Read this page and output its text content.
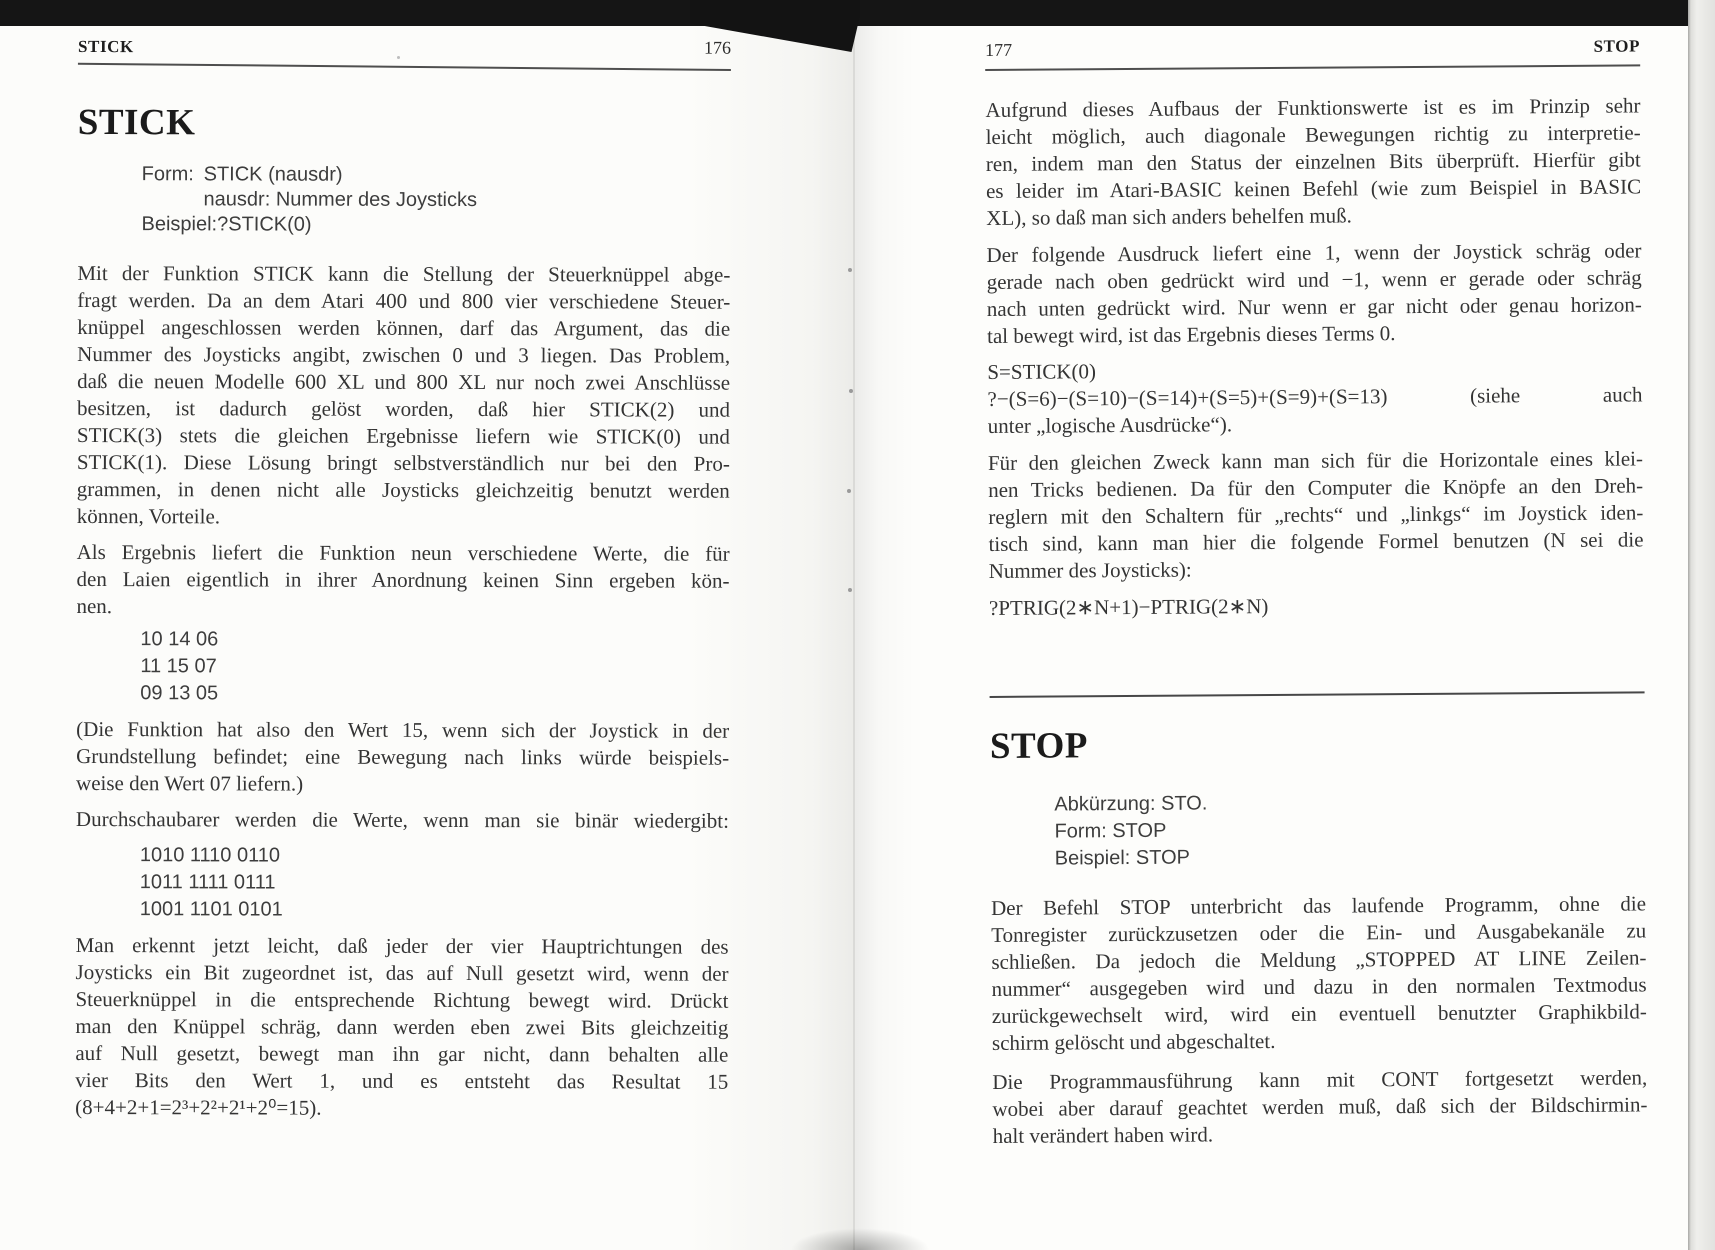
STICK	176
STICK
Form: STICK (nausdr)
nausdr: Nummer des Joysticks
Beispiel: ?STICK(0)
Mit der Funktion STICK kann die Stellung der Steuerknüppel abge-
fragt werden. Da an dem Atari 400 und 800 vier verschiedene Steuer-
knüppel angeschlossen werden können, darf das Argument, das die
Nummer des Joysticks angibt, zwischen 0 und 3 liegen. Das Problem,
daß die neuen Modelle 600 XL und 800 XL nur noch zwei Anschlüsse
besitzen, ist dadurch gelöst worden, daß hier STICK(2) und
STICK(3) stets die gleichen Ergebnisse liefern wie STICK(0) und
STICK(1). Diese Lösung bringt selbstverständlich nur bei den Pro-
grammen, in denen nicht alle Joysticks gleichzeitig benutzt werden
können, Vorteile.
Als Ergebnis liefert die Funktion neun verschiedene Werte, die für
den Laien eigentlich in ihrer Anordnung keinen Sinn ergeben kön-
nen.
10 14 06
11 15 07
09 13 05
(Die Funktion hat also den Wert 15, wenn sich der Joystick in der
Grundstellung befindet; eine Bewegung nach links würde beispiels-
weise den Wert 07 liefern.)
Durchschaubarer werden die Werte, wenn man sie binär wiedergibt:
1010 1110 0110
1011 1111 0111
1001 1101 0101
Man erkennt jetzt leicht, daß jeder der vier Hauptrichtungen des
Joysticks ein Bit zugeordnet ist, das auf Null gesetzt wird, wenn der
Steuerknüppel in die entsprechende Richtung bewegt wird. Drückt
man den Knüppel schräg, dann werden eben zwei Bits gleichzeitig
auf Null gesetzt, bewegt man ihn gar nicht, dann behalten alle
vier Bits den Wert 1, und es entsteht das Resultat 15
(8+4+2+1=2³+2²+2¹+2⁰=15).
177	STOP
Aufgrund dieses Aufbaus der Funktionswerte ist es im Prinzip sehr
leicht möglich, auch diagonale Bewegungen richtig zu interpretie-
ren, indem man den Status der einzelnen Bits überprüft. Hierfür gibt
es leider im Atari-BASIC keinen Befehl (wie zum Beispiel in BASIC
XL), so daß man sich anders behelfen muß.
Der folgende Ausdruck liefert eine 1, wenn der Joystick schräg oder
gerade nach oben gedrückt wird und −1, wenn er gerade oder schräg
nach unten gedrückt wird. Nur wenn er gar nicht oder genau horizon-
tal bewegt wird, ist das Ergebnis dieses Terms 0.
S=STICK(0)
?−(S=6)−(S=10)−(S=14)+(S=5)+(S=9)+(S=13) (siehe auch
unter „logische Ausdrücke“).
Für den gleichen Zweck kann man sich für die Horizontale eines klei-
nen Tricks bedienen. Da für den Computer die Knöpfe an den Dreh-
reglern mit den Schaltern für „rechts“ und „linkgs“ im Joystick iden-
tisch sind, kann man hier die folgende Formel benutzen (N sei die
Nummer des Joysticks):
?PTRIG(2∗N+1)−PTRIG(2∗N)
STOP
Abkürzung: STO.
Form: STOP
Beispiel: STOP
Der Befehl STOP unterbricht das laufende Programm, ohne die
Tonregister zurückzusetzen oder die Ein- und Ausgabekanäle zu
schließen. Da jedoch die Meldung „STOPPED AT LINE Zeilen-
nummer“ ausgegeben wird und dazu in den normalen Textmodus
zurückgewechselt wird, wird ein eventuell benutzter Graphikbild-
schirm gelöscht und abgeschaltet.
Die Programmausführung kann mit CONT fortgesetzt werden,
wobei aber darauf geachtet werden muß, daß sich der Bildschirmin-
halt verändert haben wird.
